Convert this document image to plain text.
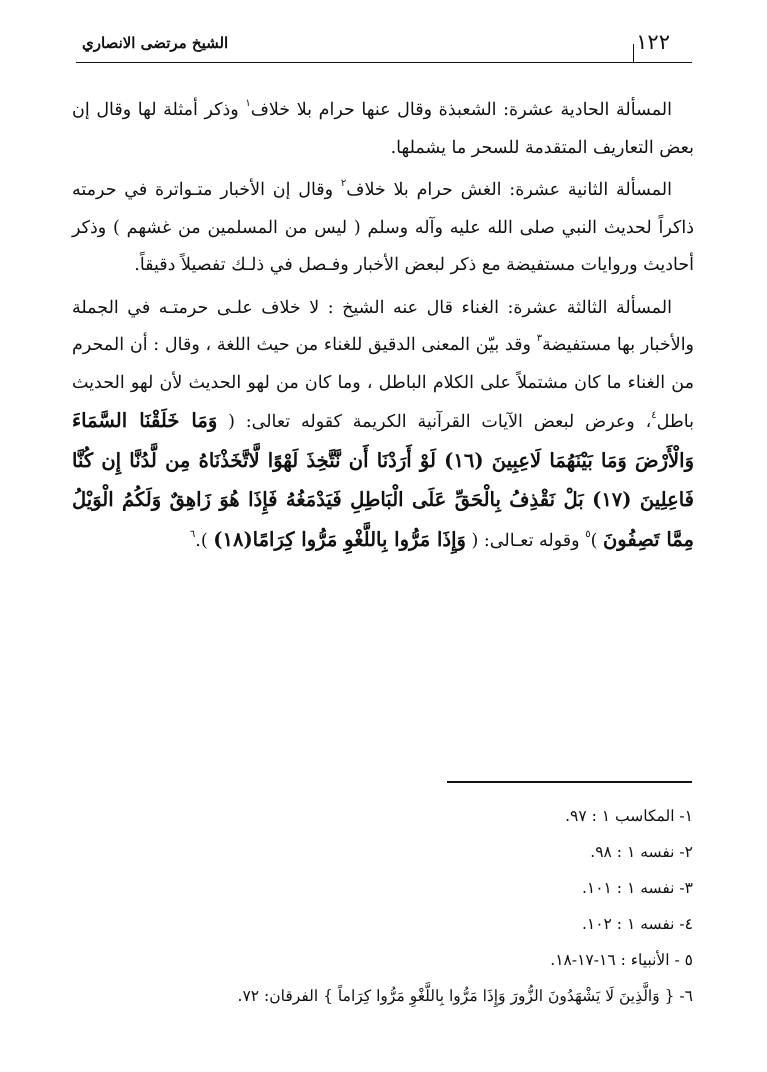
١٢٢
الشيخ مرتضى الانصاري

المسألة الحادية عشرة: الشعبذة وقال عنها حرام بلا خلاف$^١$ وذكر أمثلة لها وقال إن بعض التعاريف المتقدمة للسحر ما يشملها.

المسألة الثانية عشرة: الغش حرام بلا خلاف$^٢$ وقال إن الأخبار متـواترة في حرمته ذاكراً لحديث النبي صلى الله عليه وآله وسلم ( ليس من المسلمين من غشهم ) وذكر أحاديث وروايات مستفيضة مع ذكر لبعض الأخبار وفـصل في ذلـك تفصيلاً دقيقاً.

المسألة الثالثة عشرة: الغناء قال عنه الشيخ : لا خلاف علـى حرمتـه في الجملة والأخبار بها مستفيضة$^٣$ وقد بيّن المعنى الدقيق للغناء من حيث اللغة ، وقال : أن المحرم من الغناء ما كان مشتملاً على الكلام الباطل ، وما كان من لهو الحديث لأن لهو الحديث باطل$^٤$، وعرض لبعض الآيات القرآنية الكريمة كقوله تعالى: ( وَمَا خَلَقْنَا السَّمَاءَ وَالْأَرْضَ وَمَا بَيْنَهُمَا لَاعِبِينَ (١٦) لَوْ أَرَدْنَا أَن نَّتَّخِذَ لَهْوًا لَّاتَّخَذْنَاهُ مِن لَّدُنَّا إِن كُنَّا فَاعِلِينَ (١٧) بَلْ نَقْذِفُ بِالْحَقِّ عَلَى الْبَاطِلِ فَيَدْمَغُهُ فَإِذَا هُوَ زَاهِقٌ وَلَكُمُ الْوَيْلُ مِمَّا تَصِفُونَ )$^٥$ وقوله تعـالى: ( وَإِذَا مَرُّوا بِاللَّغْوِ مَرُّوا كِرَامًا(١٨) ).$^٦$

١- المكاسب ١ : ٩٧.
٢- نفسه ١ : ٩٨.
٣- نفسه ١ : ١٠١.
٤- نفسه ١ : ١٠٢.
٥ - الأنبياء : ١٦-١٧-١٨.
٦- { وَالَّذِينَ لَا يَشْهَدُونَ الزُّورَ وَإِذَا مَرُّوا بِاللَّغْوِ مَرُّوا كِرَاماً } الفرقان: ٧٢.
